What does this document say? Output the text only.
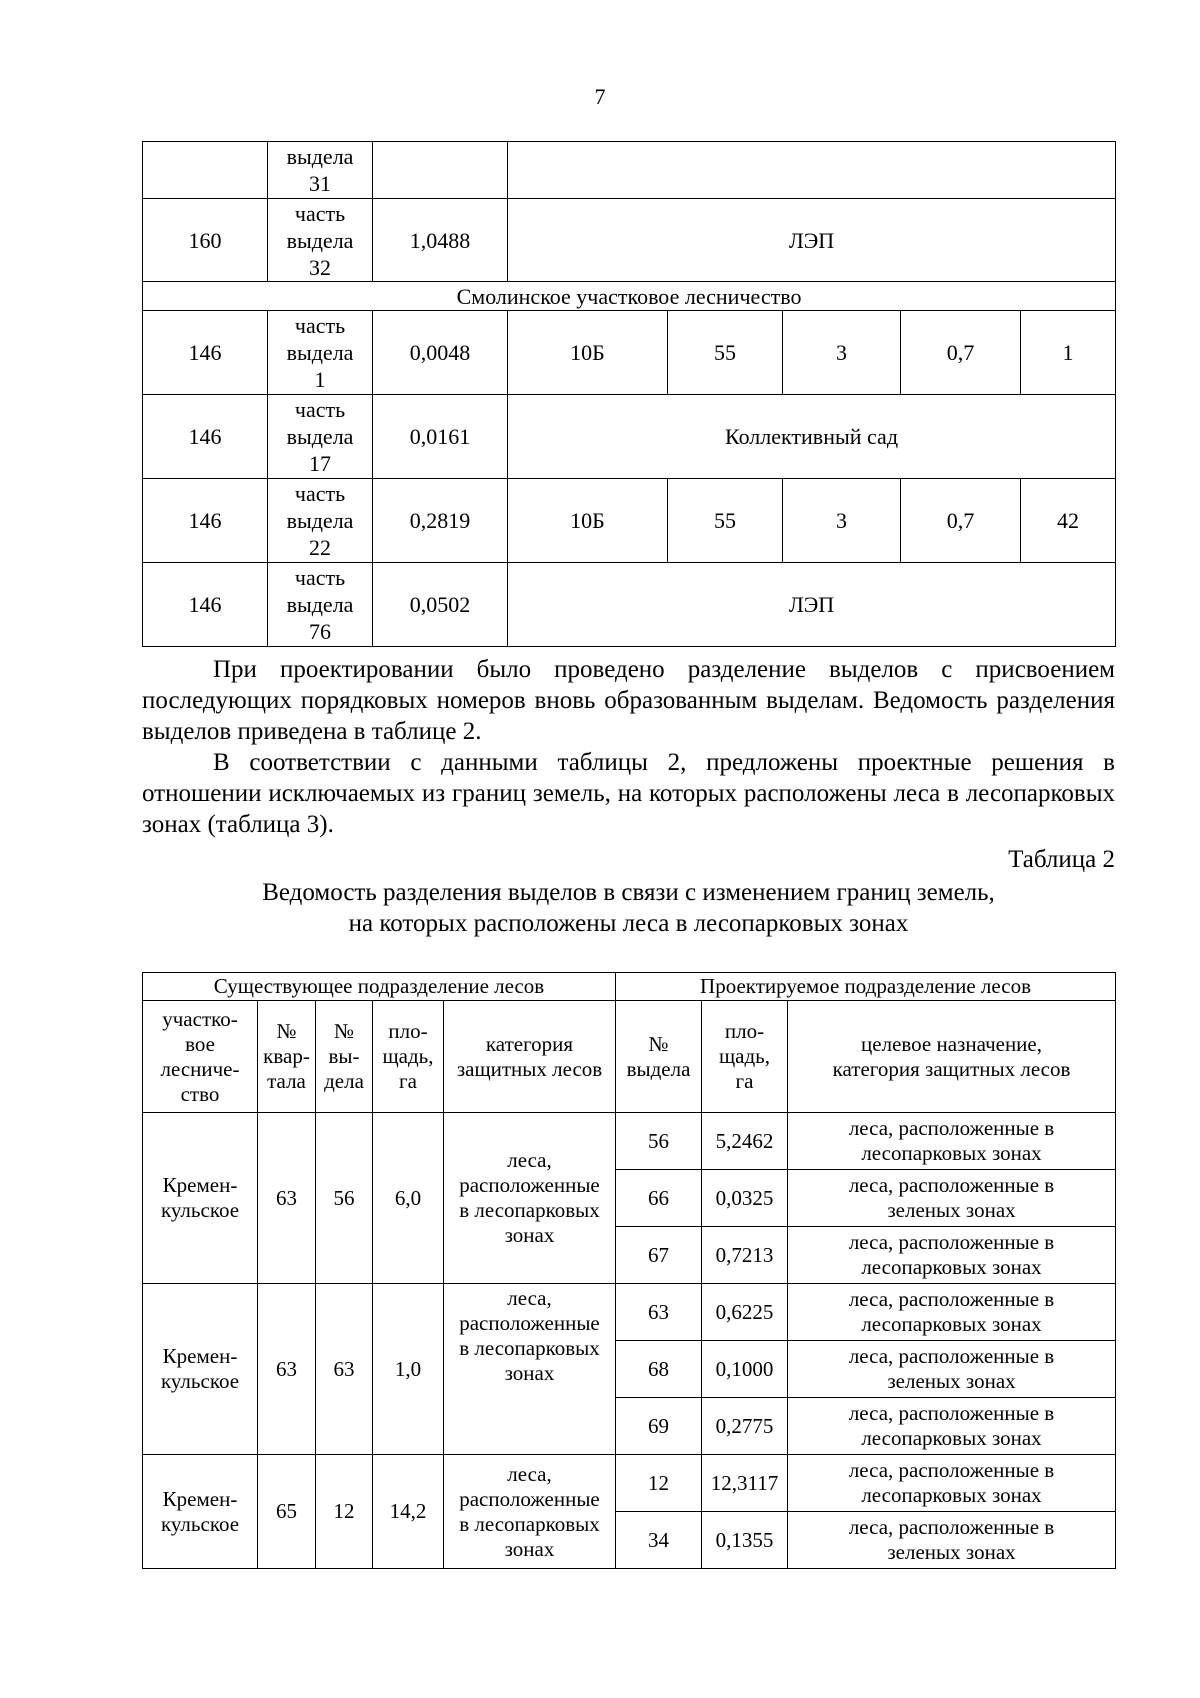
7
	выдела
31						
160	часть
выдела
32	1,0488	ЛЭП				
Смолинское участковое лесничество							
146	часть
выдела
1	0,0048	10Б	55	3	0,7	1
146	часть
выдела
17	0,0161	Коллективный сад				
146	часть
выдела
22	0,2819	10Б	55	3	0,7	42
146	часть
выдела
76	0,0502	ЛЭП				

При проектировании было проведено разделение выделов с присвоением последующих порядковых номеров вновь образованным выделам. Ведомость разделения выделов приведена в таблице 2.

В соответствии с данными таблицы 2, предложены проектные решения в отношении исключаемых из границ земель, на которых расположены леса в лесопарковых зонах (таблица 3).

Таблица 2
Ведомость разделения выделов в связи с изменением границ земель,
на которых расположены леса в лесопарковых зонах
Существующее подразделение лесов					Проектируемое подразделение лесов		
участко-
вое
лесниче-
ство	№
квар-
тала	№
вы-
дела	пло-
щадь,
га	категория
защитных лесов	№
выдела	пло-
щадь,
га	целевое назначение,
категория защитных лесов
Кремен-
кульское	63	56	6,0	леса,
расположенные
в лесопарковых
зонах	56	5,2462	леса, расположенные в
лесопарковых зонах
					66	0,0325	леса, расположенные в
зеленых зонах
					67	0,7213	леса, расположенные в
лесопарковых зонах
Кремен-
кульское	63	63	1,0	леса,
расположенные
в лесопарковых
зонах	63	0,6225	леса, расположенные в
лесопарковых зонах
					68	0,1000	леса, расположенные в
зеленых зонах
					69	0,2775	леса, расположенные в
лесопарковых зонах
Кремен-
кульское	65	12	14,2	леса,
расположенные
в лесопарковых
зонах	12	12,3117	леса, расположенные в
лесопарковых зонах
					34	0,1355	леса, расположенные в
зеленых зонах
